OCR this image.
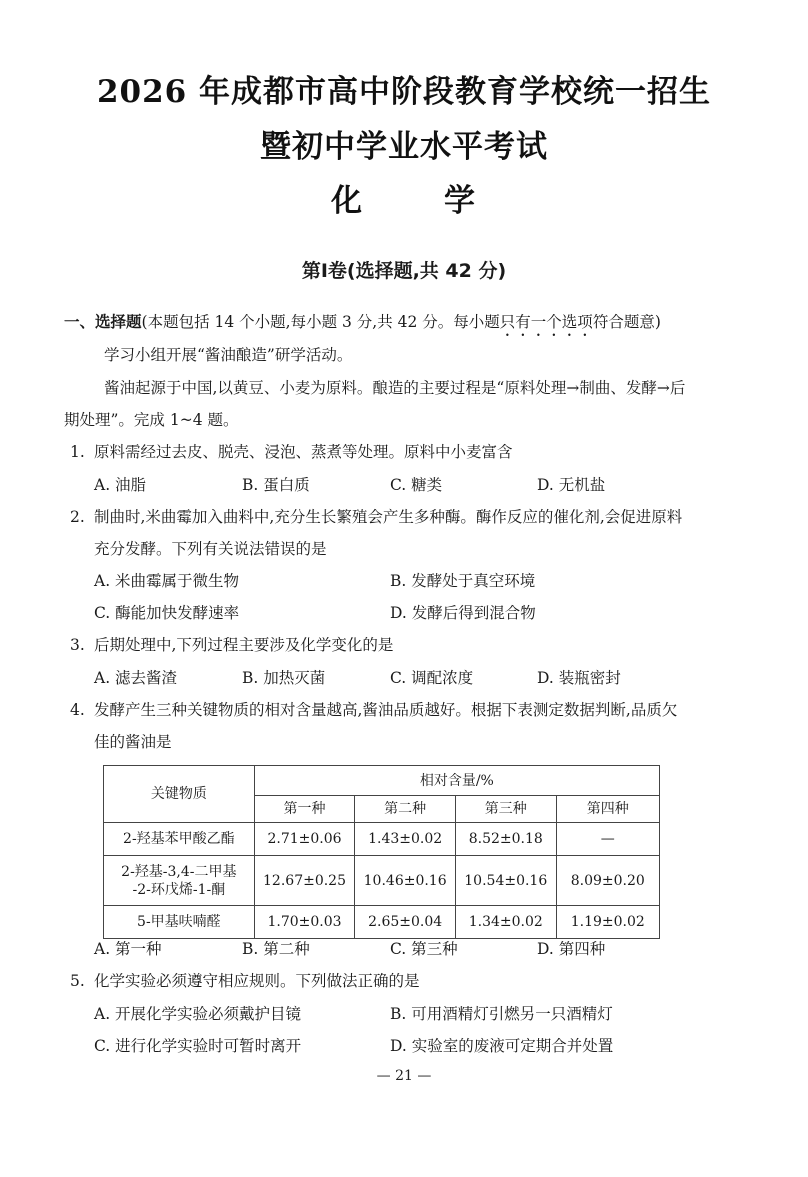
2026 年成都市高中阶段教育学校统一招生
暨初中学业水平考试
化	学
第Ⅰ卷(选择题,共 42 分)
一、选择题(本题包括 14 个小题,每小题 3 分,共 42 分。每小题只有一个选项符合题意)
学习小组开展“酱油酿造”研学活动。
酱油起源于中国,以黄豆、小麦为原料。酿造的主要过程是“原料处理→制曲、发酵→后
期处理”。完成 1~4 题。
1. 原料需经过去皮、脱壳、浸泡、蒸煮等处理。原料中小麦富含
A. 油脂	B. 蛋白质	C. 糖类	D. 无机盐
2. 制曲时,米曲霉加入曲料中,充分生长繁殖会产生多种酶。酶作反应的催化剂,会促进原料
充分发酵。下列有关说法错误的是
A. 米曲霉属于微生物	B. 发酵处于真空环境
C. 酶能加快发酵速率	D. 发酵后得到混合物
3. 后期处理中,下列过程主要涉及化学变化的是
A. 滤去酱渣	B. 加热灭菌	C. 调配浓度	D. 装瓶密封
4. 发酵产生三种关键物质的相对含量越高,酱油品质越好。根据下表测定数据判断,品质欠
佳的酱油是
关键物质	相对含量/%			
	第一种	第二种	第三种	第四种
2-羟基苯甲酸乙酯	2.71±0.06	1.43±0.02	8.52±0.18	—

2-羟基-3,4-二甲基
-2-环戊烯-1-酮	12.67±0.25	10.46±0.16	10.54±0.16	8.09±0.20
5-甲基呋喃醛	1.70±0.03	2.65±0.04	1.34±0.02	1.19±0.02
A. 第一种	B. 第二种	C. 第三种	D. 第四种
5. 化学实验必须遵守相应规则。下列做法正确的是
A. 开展化学实验必须戴护目镜	B. 可用酒精灯引燃另一只酒精灯
C. 进行化学实验时可暂时离开	D. 实验室的废液可定期合并处置
— 21 —
